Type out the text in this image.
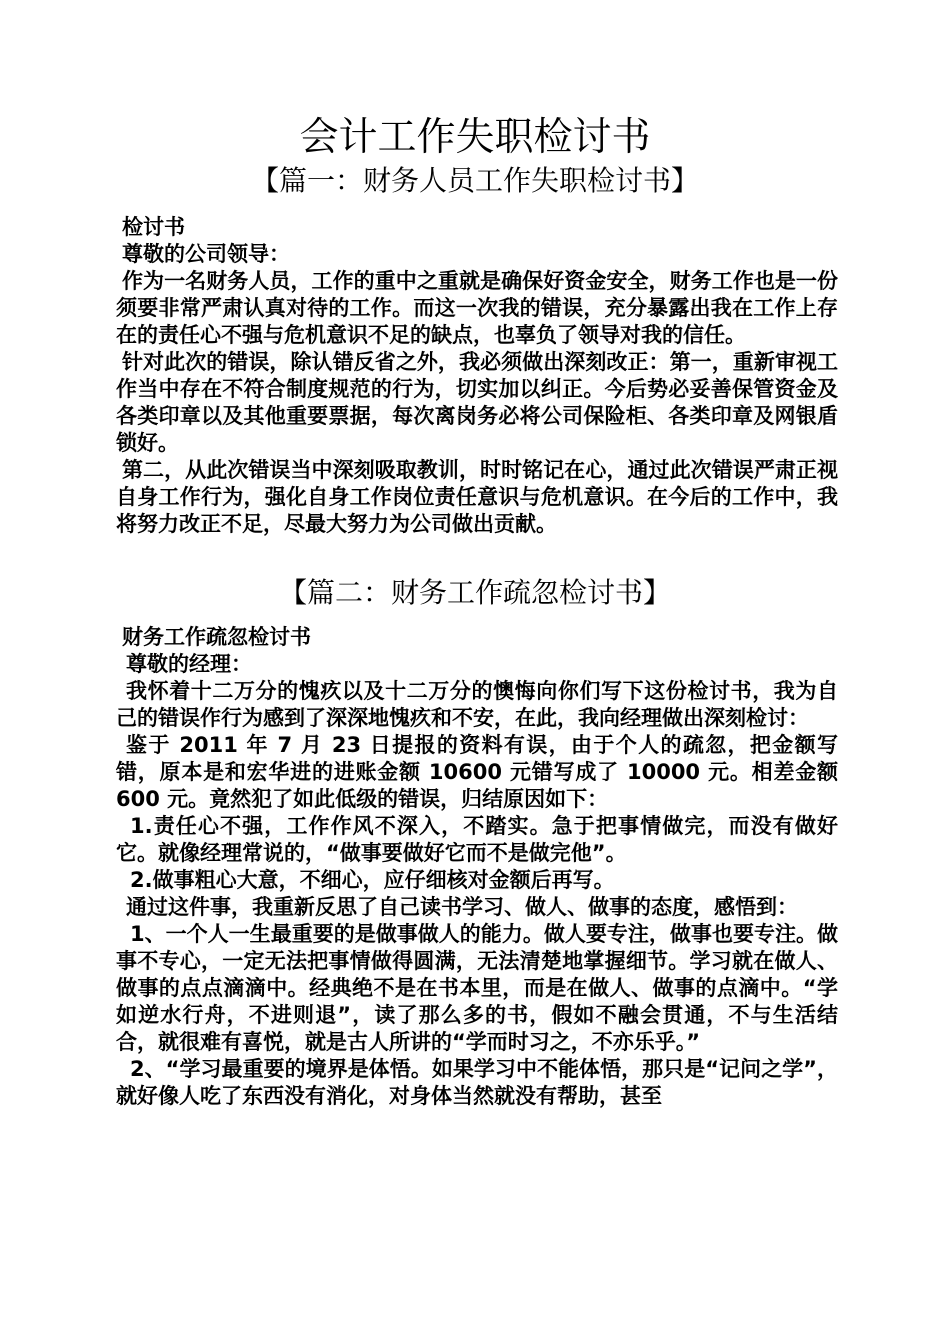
会计工作失职检讨书
【篇一：财务人员工作失职检讨书】

检讨书

尊敬的公司领导：

作为一名财务人员，工作的重中之重就是确保好资金安全，财务工作也是一份须要非常严肃认真对待的工作。而这一次我的错误，充分暴露出我在工作上存在的责任心不强与危机意识不足的缺点，也辜负了领导对我的信任。

针对此次的错误，除认错反省之外，我必须做出深刻改正：第一，重新审视工作当中存在不符合制度规范的行为，切实加以纠正。今后势必妥善保管资金及各类印章以及其他重要票据，每次离岗务必将公司保险柜、各类印章及网银盾锁好。

第二，从此次错误当中深刻吸取教训，时时铭记在心，通过此次错误严肃正视自身工作行为，强化自身工作岗位责任意识与危机意识。在今后的工作中，我将努力改正不足，尽最大努力为公司做出贡献。

【篇二：财务工作疏忽检讨书】

财务工作疏忽检讨书

尊敬的经理：

我怀着十二万分的愧疚以及十二万分的懊悔向你们写下这份检讨书，我为自己的错误作行为感到了深深地愧疚和不安，在此，我向经理做出深刻检讨：

鉴于 2011 年 7 月 23 日提报的资料有误，由于个人的疏忽，把金额写错，原本是和宏华进的进账金额 10600 元错写成了 10000 元。相差金额 600 元。竟然犯了如此低级的错误，归结原因如下：

1.责任心不强，工作作风不深入，不踏实。急于把事情做完，而没有做好它。就像经理常说的，“做事要做好它而不是做完他”。

2.做事粗心大意，不细心，应仔细核对金额后再写。

通过这件事，我重新反思了自己读书学习、做人、做事的态度，感悟到：

1、一个人一生最重要的是做事做人的能力。做人要专注，做事也要专注。做事不专心，一定无法把事情做得圆满，无法清楚地掌握细节。学习就在做人、做事的点点滴滴中。经典绝不是在书本里，而是在做人、做事的点滴中。“学如逆水行舟，不进则退”，读了那么多的书，假如不融会贯通，不与生活结合，就很难有喜悦，就是古人所讲的“学而时习之，不亦乐乎。”

2、“学习最重要的境界是体悟。如果学习中不能体悟，那只是“记问之学”，就好像人吃了东西没有消化，对身体当然就没有帮助，甚至
